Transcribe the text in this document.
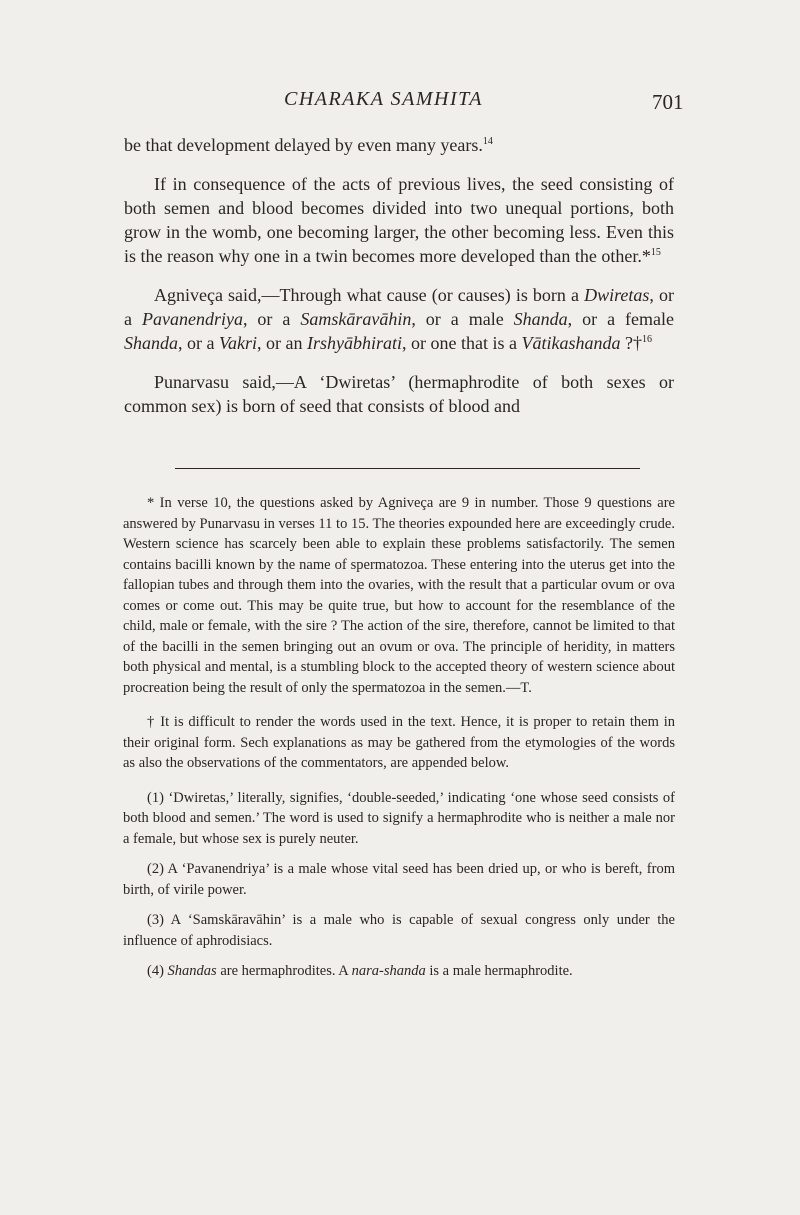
CHARAKA SAMHITA	701

be that development delayed by even many years.$^{14}$

If in consequence of the acts of previous lives, the seed consisting of both semen and blood becomes divided into two unequal portions, both grow in the womb, one becoming larger, the other becoming less. Even this is the reason why one in a twin becomes more developed than the other.*$^{15}$

Agniveça said,—Through what cause (or causes) is born a Dwiretas, or a Pavanendriya, or a Samskāravāhin, or a male Shanda, or a female Shanda, or a Vakri, or an Irshyābhirati, or one that is a Vātikashanda ?†$^{16}$

Punarvasu said,—A ‘Dwiretas’ (hermaphrodite of both sexes or common sex) is born of seed that consists of blood and

* In verse 10, the questions asked by Agniveça are 9 in number. Those 9 questions are answered by Punarvasu in verses 11 to 15. The theories expounded here are exceedingly crude. Western science has scarcely been able to explain these problems satisfactorily. The semen contains bacilli known by the name of spermatozoa. These entering into the uterus get into the fallopian tubes and through them into the ovaries, with the result that a particular ovum or ova comes or come out. This may be quite true, but how to account for the resemblance of the child, male or female, with the sire ? The action of the sire, therefore, cannot be limited to that of the bacilli in the semen bringing out an ovum or ova. The principle of heridity, in matters both physical and mental, is a stumbling block to the accepted theory of western science about procreation being the result of only the spermatozoa in the semen.—T.

† It is difficult to render the words used in the text. Hence, it is proper to retain them in their original form. Sech explanations as may be gathered from the etymologies of the words as also the observations of the commentators, are appended below.

(1) ‘Dwiretas,’ literally, signifies, ‘double-seeded,’ indicating ‘one whose seed consists of both blood and semen.’ The word is used to signify a hermaphrodite who is neither a male nor a female, but whose sex is purely neuter.

(2) A ‘Pavanendriya’ is a male whose vital seed has been dried up, or who is bereft, from birth, of virile power.

(3) A ‘Samskāravāhin’ is a male who is capable of sexual congress only under the influence of aphrodisiacs.

(4) Shandas are hermaphrodites. A nara-shanda is a male hermaphrodite.
